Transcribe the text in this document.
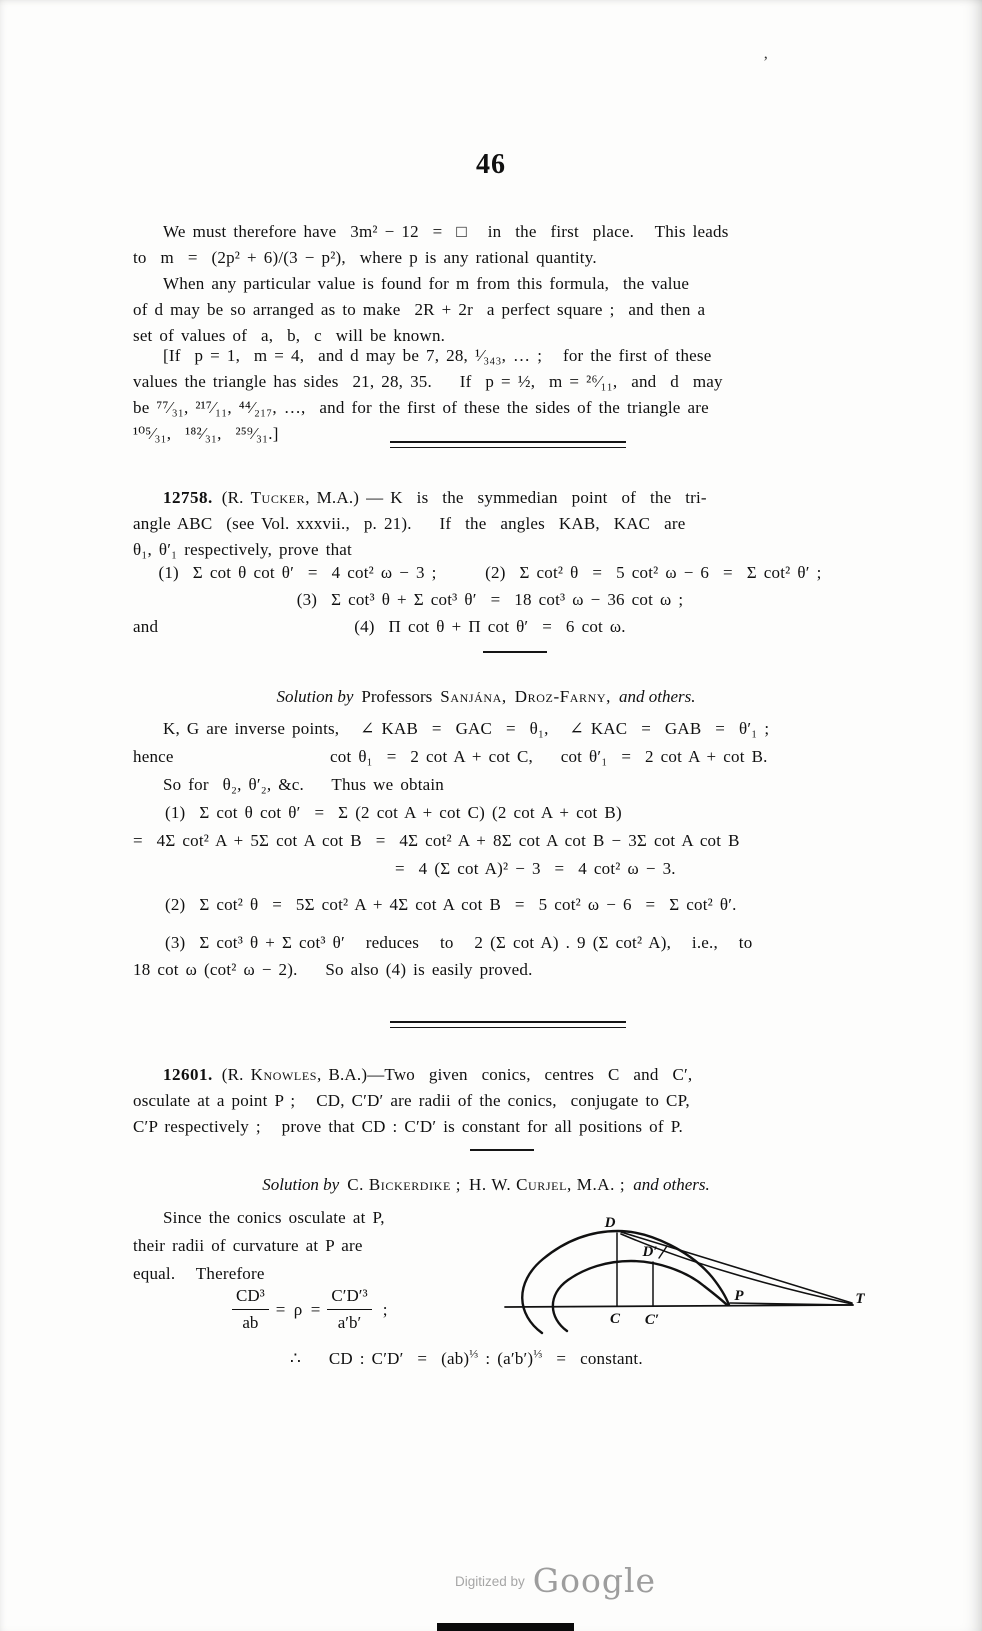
46
’
We must therefore have  3m² − 12  =  □   in  the  first  place.   This leads
to  m  =  (2p² + 6)/(3 − p²),  where p is any rational quantity.
When any particular value is found for m from this formula,  the value
of d may be so arranged as to make  2R + 2r  a perfect square ;  and then a
set of values of  a,  b,  c  will be known.
[If  p = 1,  m = 4,  and d may be 7, 28, ¹⁄₃₄₃, … ;   for the first of these
values the triangle has sides  21, 28, 35.    If  p = ½,  m = ²⁶⁄₁₁,  and  d  may
be ⁷⁷⁄₃₁, ²¹⁷⁄₁₁, ⁴⁴⁄₂₁₇, …,  and for the first of these the sides of the triangle are
¹⁰⁵⁄₃₁,  ¹⁸²⁄₃₁,  ²⁵⁹⁄₃₁.]
12758. (R. Tucker, M.A.) — K  is  the  symmedian  point  of  the  tri-
angle ABC  (see Vol. xxxvii.,  p. 21).    If  the  angles  KAB,  KAC  are
θ₁, θ′₁ respectively, prove that
(1)  Σ cot θ cot θ′  =  4 cot² ω − 3 ;       (2)  Σ cot² θ  =  5 cot² ω − 6  =  Σ cot² θ′ ;
(3)  Σ cot³ θ + Σ cot³ θ′  =  18 cot³ ω − 36 cot ω ;
and	(4)  Π cot θ + Π cot θ′  =  6 cot ω.
Solution by Professors Sanjána, Droz-Farny, and others.
K, G are inverse points,   ∠ KAB  =  GAC  =  θ₁,   ∠ KAC  =  GAB  =  θ′₁ ;
hence	cot θ₁  =  2 cot A + cot C,    cot θ′₁  =  2 cot A + cot B.
So for  θ₂, θ′₂, &c.    Thus we obtain
(1)  Σ cot θ cot θ′  =  Σ (2 cot A + cot C) (2 cot A + cot B)
=  4Σ cot² A + 5Σ cot A cot B  =  4Σ cot² A + 8Σ cot A cot B − 3Σ cot A cot B
=  4 (Σ cot A)² − 3  =  4 cot² ω − 3.
(2)  Σ cot² θ  =  5Σ cot² A + 4Σ cot A cot B  =  5 cot² ω − 6  =  Σ cot² θ′.
(3)  Σ cot³ θ + Σ cot³ θ′   reduces   to   2 (Σ cot A) . 9 (Σ cot² A),   i.e.,   to
18 cot ω (cot² ω − 2).    So also (4) is easily proved.
12601. (R. Knowles, B.A.)—Two  given  conics,  centres  C  and  C′,
osculate at a point P ;   CD, C′D′ are radii of the conics,  conjugate to CP,
C′P respectively ;   prove that CD : C′D′ is constant for all positions of P.
Solution by C. Bickerdike ; H. W. Curjel, M.A. ; and others.
Since the conics osculate at P,
their radii of curvature at P are
equal.   Therefore
$\frac{\text{CD³}}{ab} = \rho = \frac{\text{C′D′³}}{a'b'}$ ;
D
D′
P	T
C C′
∴    CD : C′D′  =  (ab)$^{\frac{1}{3}}$ : $(a'b')^{\frac{1}{3}}$  =  constant.
Digitized by Google
